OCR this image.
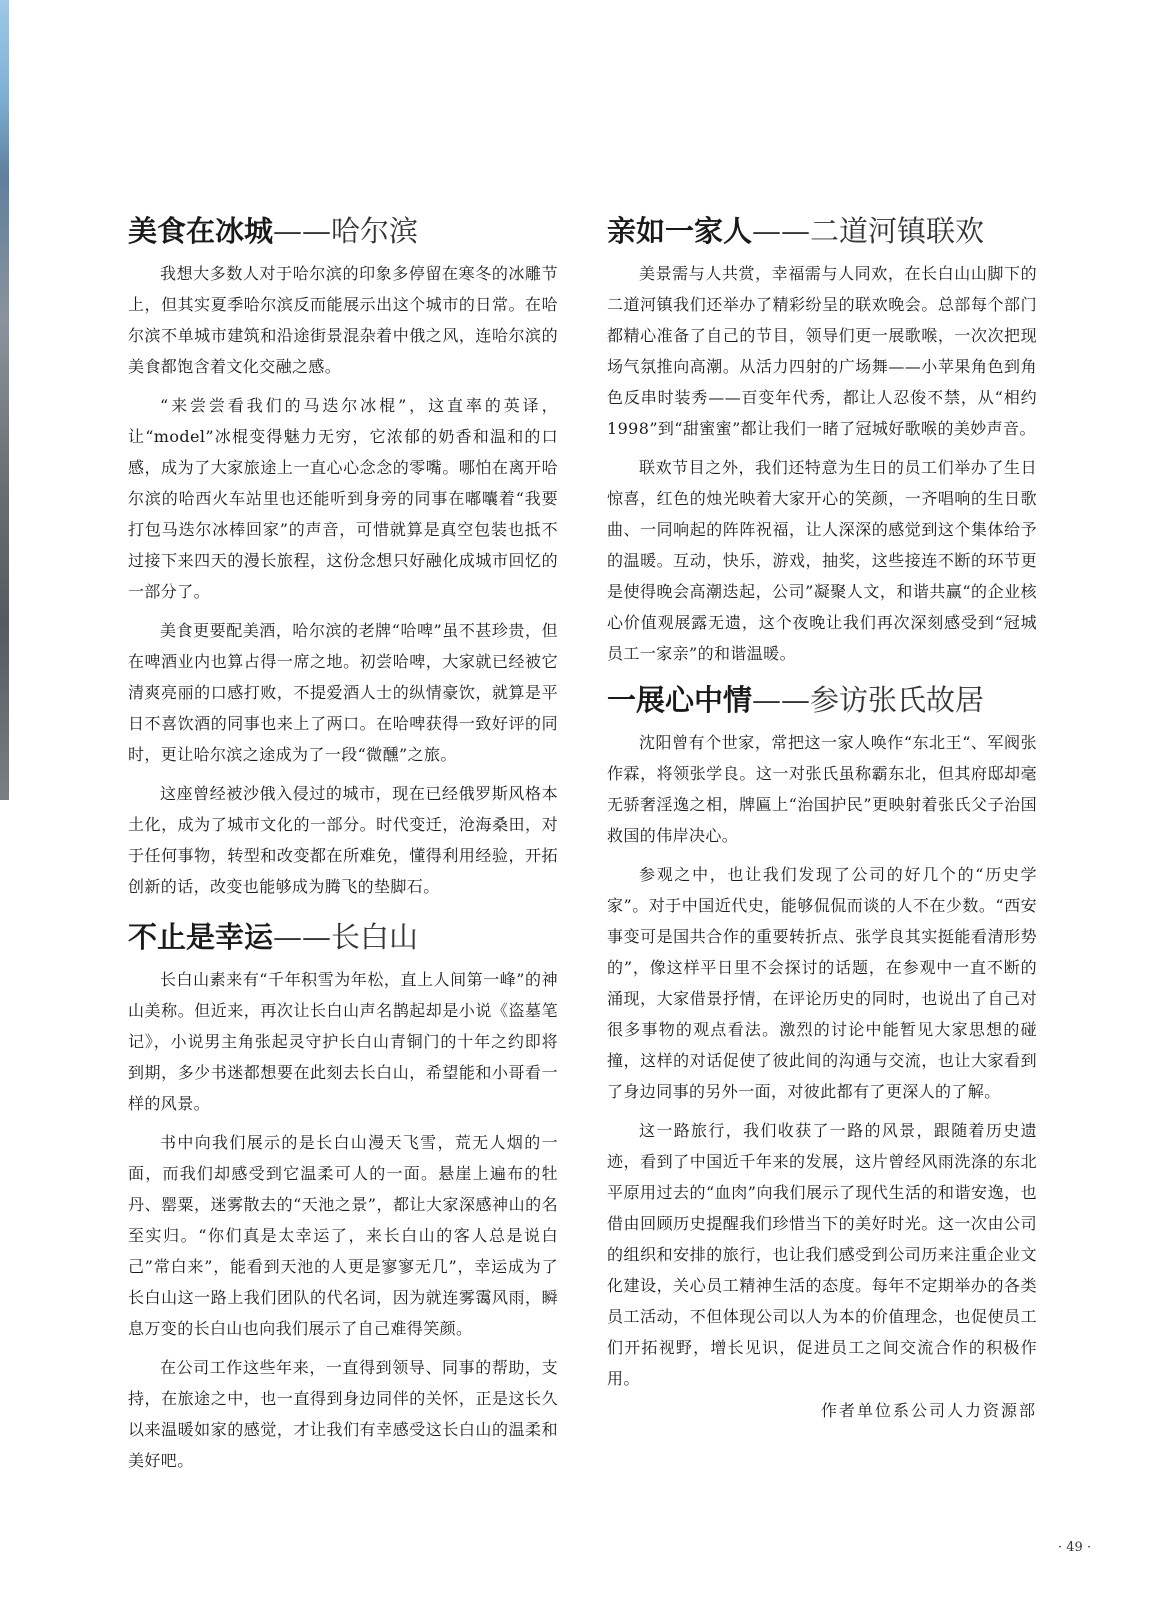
美食在冰城——哈尔滨

我想大多数人对于哈尔滨的印象多停留在寒冬的冰雕节上，但其实夏季哈尔滨反而能展示出这个城市的日常。在哈尔滨不单城市建筑和沿途街景混杂着中俄之风，连哈尔滨的美食都饱含着文化交融之感。

“来尝尝看我们的马迭尔冰棍”，这直率的英译，让“model”冰棍变得魅力无穷，它浓郁的奶香和温和的口感，成为了大家旅途上一直心心念念的零嘴。哪怕在离开哈尔滨的哈西火车站里也还能听到身旁的同事在嘟囔着“我要打包马迭尔冰棒回家”的声音，可惜就算是真空包装也抵不过接下来四天的漫长旅程，这份念想只好融化成城市回忆的一部分了。

美食更要配美酒，哈尔滨的老牌“哈啤”虽不甚珍贵，但在啤酒业内也算占得一席之地。初尝哈啤，大家就已经被它清爽亮丽的口感打败，不提爱酒人士的纵情豪饮，就算是平日不喜饮酒的同事也来上了两口。在哈啤获得一致好评的同时，更让哈尔滨之途成为了一段“微醺”之旅。

这座曾经被沙俄入侵过的城市，现在已经俄罗斯风格本土化，成为了城市文化的一部分。时代变迁，沧海桑田，对于任何事物，转型和改变都在所难免，懂得利用经验，开拓创新的话，改变也能够成为腾飞的垫脚石。

不止是幸运——长白山

长白山素来有“千年积雪为年松，直上人间第一峰”的神山美称。但近来，再次让长白山声名鹊起却是小说《盗墓笔记》，小说男主角张起灵守护长白山青铜门的十年之约即将到期，多少书迷都想要在此刻去长白山，希望能和小哥看一样的风景。

书中向我们展示的是长白山漫天飞雪，荒无人烟的一面，而我们却感受到它温柔可人的一面。悬崖上遍布的牡丹、罂粟，迷雾散去的“天池之景”，都让大家深感神山的名至实归。“你们真是太幸运了，来长白山的客人总是说白己”常白来”，能看到天池的人更是寥寥无几”，幸运成为了长白山这一路上我们团队的代名词，因为就连雾霭风雨，瞬息万变的长白山也向我们展示了自己难得笑颜。

在公司工作这些年来，一直得到领导、同事的帮助，支持，在旅途之中，也一直得到身边同伴的关怀，正是这长久以来温暖如家的感觉，才让我们有幸感受这长白山的温柔和美好吧。

亲如一家人——二道河镇联欢

美景需与人共赏，幸福需与人同欢，在长白山山脚下的二道河镇我们还举办了精彩纷呈的联欢晚会。总部每个部门都精心准备了自己的节目，领导们更一展歌喉，一次次把现场气氛推向高潮。从活力四射的广场舞——小苹果角色到角色反串时装秀——百变年代秀，都让人忍俊不禁，从“相约1998”到“甜蜜蜜”都让我们一睹了冠城好歌喉的美妙声音。

联欢节目之外，我们还特意为生日的员工们举办了生日惊喜，红色的烛光映着大家开心的笑颜，一齐唱响的生日歌曲、一同响起的阵阵祝福，让人深深的感觉到这个集体给予的温暖。互动，快乐，游戏，抽奖，这些接连不断的环节更是使得晚会高潮迭起，公司”凝聚人文，和谐共赢“的企业核心价值观展露无遗，这个夜晚让我们再次深刻感受到“冠城员工一家亲”的和谐温暖。

一展心中情——参访张氏故居

沈阳曾有个世家，常把这一家人唤作“东北王“、军阀张作霖，将领张学良。这一对张氏虽称霸东北，但其府邸却毫无骄奢淫逸之相，牌匾上“治国护民”更映射着张氏父子治国救国的伟岸决心。

参观之中，也让我们发现了公司的好几个的“历史学家”。对于中国近代史，能够侃侃而谈的人不在少数。“西安事变可是国共合作的重要转折点、张学良其实挺能看清形势的”，像这样平日里不会探讨的话题，在参观中一直不断的涌现，大家借景抒情，在评论历史的同时，也说出了自己对很多事物的观点看法。激烈的讨论中能暂见大家思想的碰撞，这样的对话促使了彼此间的沟通与交流，也让大家看到了身边同事的另外一面，对彼此都有了更深人的了解。

这一路旅行，我们收获了一路的风景，跟随着历史遗迹，看到了中国近千年来的发展，这片曾经风雨洗涤的东北平原用过去的“血肉”向我们展示了现代生活的和谐安逸，也借由回顾历史提醒我们珍惜当下的美好时光。这一次由公司的组织和安排的旅行，也让我们感受到公司历来注重企业文化建设，关心员工精神生活的态度。每年不定期举办的各类员工活动，不但体现公司以人为本的价值理念，也促使员工们开拓视野，增长见识，促进员工之间交流合作的积极作用。

作者单位系公司人力资源部

· 49 ·
